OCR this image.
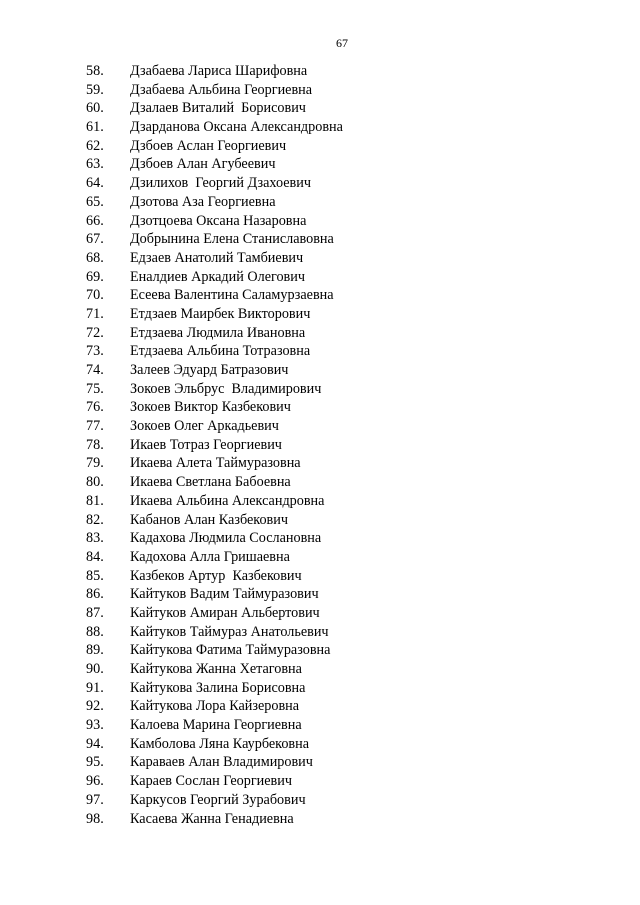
67
58.	Дзабаева Лариса Шарифовна
59.	Дзабаева Альбина Георгиевна
60.	Дзалаев Виталий  Борисович
61.	Дзарданова Оксана Александровна
62.	Дзбоев Аслан Георгиевич
63.	Дзбоев Алан Агубеевич
64.	Дзилихов  Георгий Дзахоевич
65.	Дзотова Аза Георгиевна
66.	Дзотцоева Оксана Назаровна
67.	Добрынина Елена Станиславовна
68.	Едзаев Анатолий Тамбиевич
69.	Еналдиев Аркадий Олегович
70.	Есеева Валентина Саламурзаевна
71.	Етдзаев Маирбек Викторович
72.	Етдзаева Людмила Ивановна
73.	Етдзаева Альбина Тотразовна
74.	Залеев Эдуард Батразович
75.	Зокоев Эльбрус  Владимирович
76.	Зокоев Виктор Казбекович
77.	Зокоев Олег Аркадьевич
78.	Икаев Тотраз Георгиевич
79.	Икаева Алета Таймуразовна
80.	Икаева Светлана Бабоевна
81.	Икаева Альбина Александровна
82.	Кабанов Алан Казбекович
83.	Кадахова Людмила Сослановна
84.	Кадохова Алла Гришаевна
85.	Казбеков Артур  Казбекович
86.	Кайтуков Вадим Таймуразович
87.	Кайтуков Амиран Альбертович
88.	Кайтуков Таймураз Анатольевич
89.	Кайтукова Фатима Таймуразовна
90.	Кайтукова Жанна Хетаговна
91.	Кайтукова Залина Борисовна
92.	Кайтукова Лора Кайзеровна
93.	Калоева Марина Георгиевна
94.	Камболова Ляна Каурбековна
95.	Караваев Алан Владимирович
96.	Караев Сослан Георгиевич
97.	Каркусов Георгий Зурабович
98.	Касаева Жанна Генадиевна
